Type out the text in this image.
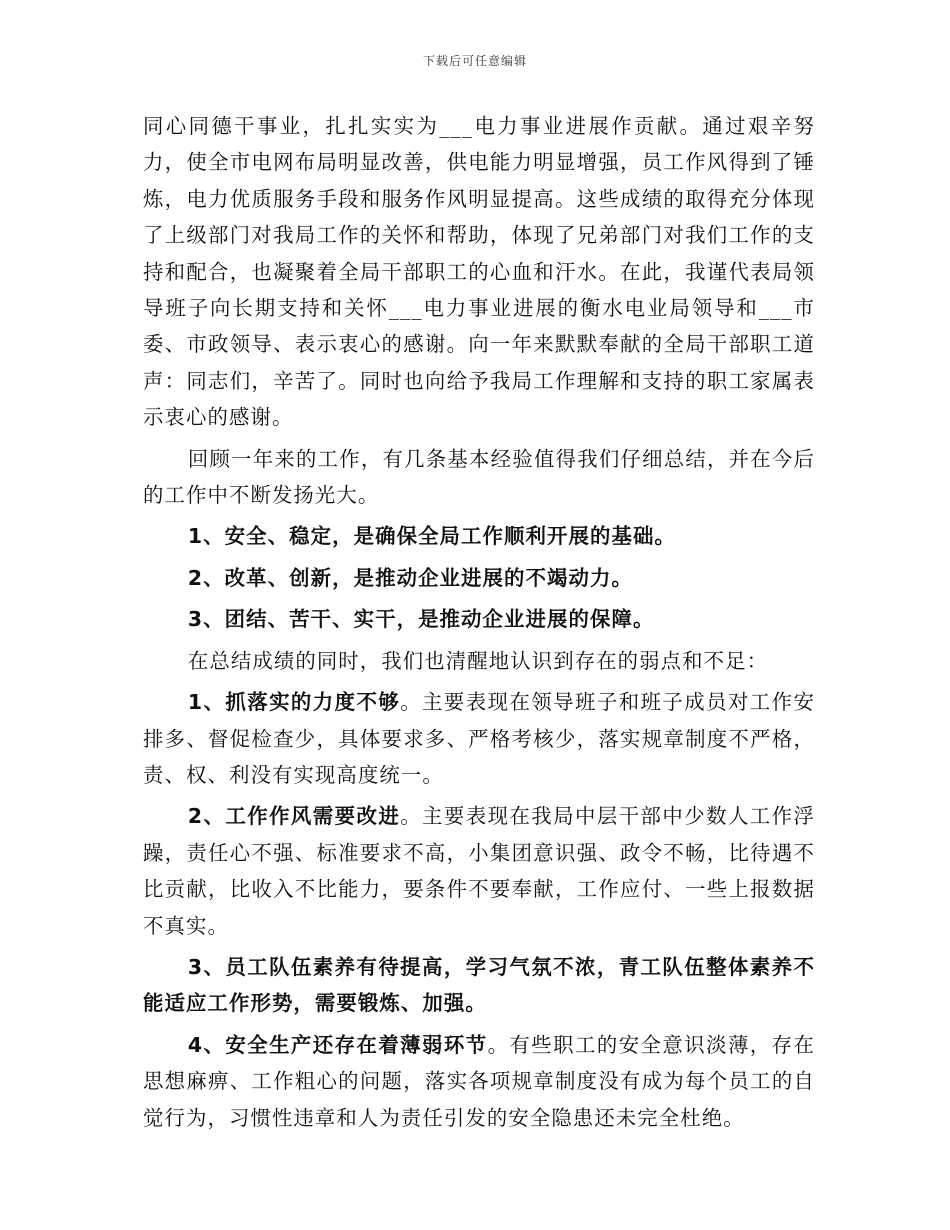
下载后可任意编辑

同心同德干事业，扎扎实实为___电力事业进展作贡献。通过艰辛努力，使全市电网布局明显改善，供电能力明显增强，员工作风得到了锤炼，电力优质服务手段和服务作风明显提高。这些成绩的取得充分体现了上级部门对我局工作的关怀和帮助，体现了兄弟部门对我们工作的支持和配合，也凝聚着全局干部职工的心血和汗水。在此，我谨代表局领导班子向长期支持和关怀___电力事业进展的衡水电业局领导和___市委、市政领导、表示衷心的感谢。向一年来默默奉献的全局干部职工道声：同志们，辛苦了。同时也向给予我局工作理解和支持的职工家属表示衷心的感谢。

回顾一年来的工作，有几条基本经验值得我们仔细总结，并在今后的工作中不断发扬光大。

1、安全、稳定，是确保全局工作顺利开展的基础。

2、改革、创新，是推动企业进展的不竭动力。

3、团结、苦干、实干，是推动企业进展的保障。

在总结成绩的同时，我们也清醒地认识到存在的弱点和不足：

1、抓落实的力度不够。主要表现在领导班子和班子成员对工作安排多、督促检查少，具体要求多、严格考核少，落实规章制度不严格，责、权、利没有实现高度统一。

2、工作作风需要改进。主要表现在我局中层干部中少数人工作浮躁，责任心不强、标准要求不高，小集团意识强、政令不畅，比待遇不比贡献，比收入不比能力，要条件不要奉献，工作应付、一些上报数据不真实。

3、员工队伍素养有待提高，学习气氛不浓，青工队伍整体素养不能适应工作形势，需要锻炼、加强。

4、安全生产还存在着薄弱环节。有些职工的安全意识淡薄，存在思想麻痹、工作粗心的问题，落实各项规章制度没有成为每个员工的自觉行为，习惯性违章和人为责任引发的安全隐患还未完全杜绝。
